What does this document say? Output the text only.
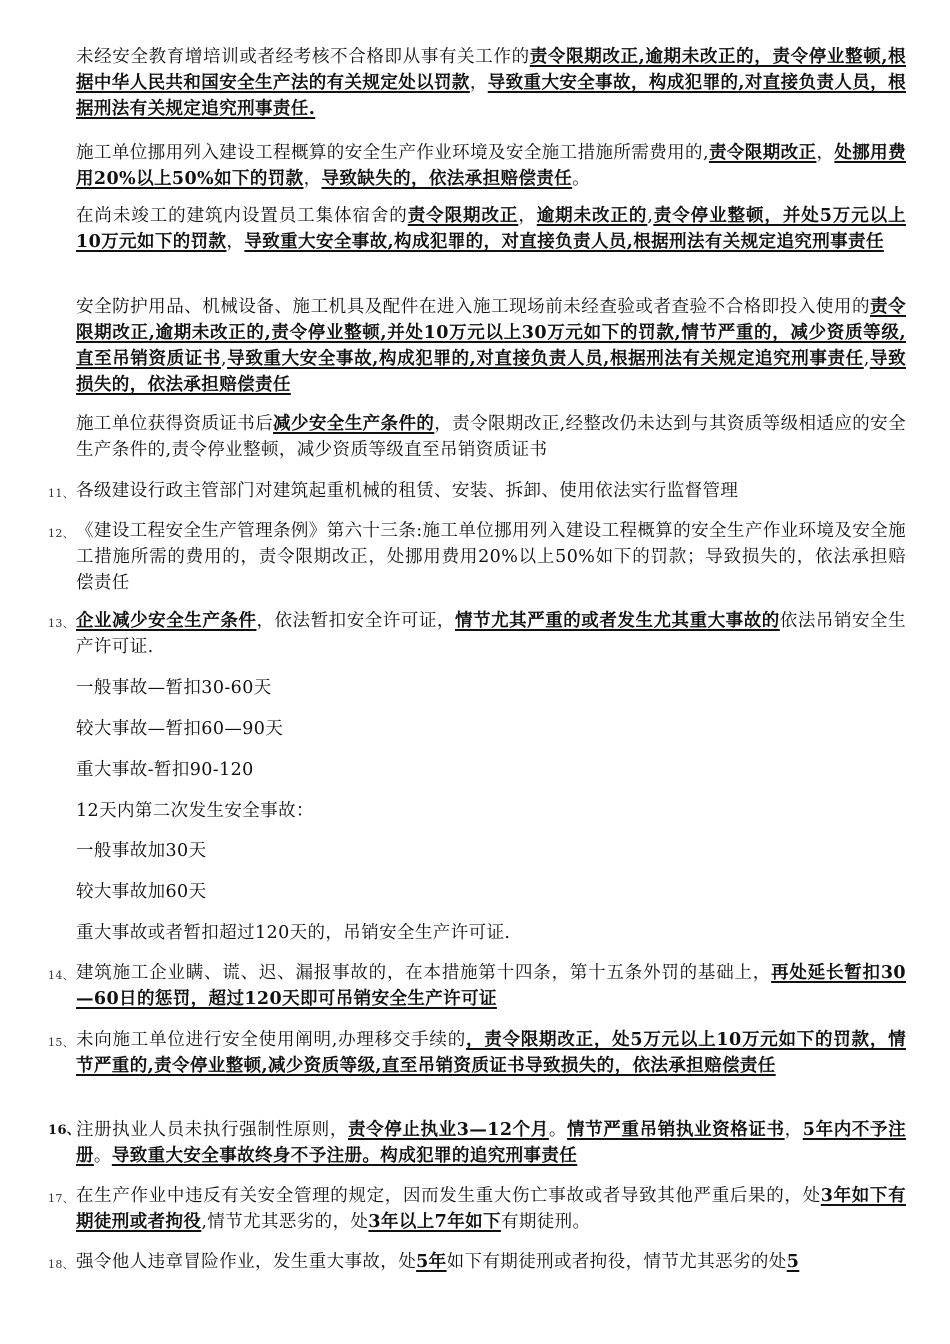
未经安全教育增培训或者经考核不合格即从事有关工作的责令限期改正,逾期未改正的，责令停业整顿,根据中华人民共和国安全生产法的有关规定处以罚款，导致重大安全事故，构成犯罪的,对直接负责人员，根据刑法有关规定追究刑事责任.
施工单位挪用列入建设工程概算的安全生产作业环境及安全施工措施所需费用的,责令限期改正，处挪用费用20%以上50%如下的罚款，导致缺失的，依法承担赔偿责任。
在尚未竣工的建筑内设置员工集体宿舍的责令限期改正，逾期未改正的,责令停业整顿，并处5万元以上10万元如下的罚款，导致重大安全事故,构成犯罪的，对直接负责人员,根据刑法有关规定追究刑事责任
安全防护用品、机械设备、施工机具及配件在进入施工现场前未经查验或者查验不合格即投入使用的责令限期改正,逾期未改正的,责令停业整顿,并处10万元以上30万元如下的罚款,情节严重的，减少资质等级,直至吊销资质证书,导致重大安全事故,构成犯罪的,对直接负责人员,根据刑法有关规定追究刑事责任,导致损失的，依法承担赔偿责任
施工单位获得资质证书后减少安全生产条件的，责令限期改正,经整改仍未达到与其资质等级相适应的安全生产条件的,责令停业整顿，减少资质等级直至吊销资质证书
11、 各级建设行政主管部门对建筑起重机械的租赁、安装、拆卸、使用依法实行监督管理
12、 《建设工程安全生产管理条例》第六十三条:施工单位挪用列入建设工程概算的安全生产作业环境及安全施工措施所需的费用的，责令限期改正，处挪用费用20%以上50%如下的罚款；导致损失的，依法承担赔偿责任
13、 企业减少安全生产条件，依法暂扣安全许可证，情节尤其严重的或者发生尤其重大事故的依法吊销安全生产许可证.
一般事故—暂扣30-60天
较大事故—暂扣60—90天
重大事故-暂扣90-120
12天内第二次发生安全事故：
一般事故加30天
较大事故加60天
重大事故或者暂扣超过120天的，吊销安全生产许可证.
14、 建筑施工企业瞒、谎、迟、漏报事故的，在本措施第十四条，第十五条外罚的基础上，再处延长暂扣30—60日的惩罚，超过120天即可吊销安全生产许可证
15、 未向施工单位进行安全使用阐明,办理移交手续的，责令限期改正，处5万元以上10万元如下的罚款，情节严重的,责令停业整顿,减少资质等级,直至吊销资质证书导致损失的，依法承担赔偿责任
16、
注册执业人员未执行强制性原则，责令停止执业3—12个月。情节严重吊销执业资格证书，5年内不予注册。导致重大安全事故终身不予注册。构成犯罪的追究刑事责任
17、 在生产作业中违反有关安全管理的规定，因而发生重大伤亡事故或者导致其他严重后果的，处3年如下有期徒刑或者拘役,情节尤其恶劣的，处3年以上7年如下有期徒刑。
18、 强令他人违章冒险作业，发生重大事故，处5年如下有期徒刑或者拘役，情节尤其恶劣的处5
